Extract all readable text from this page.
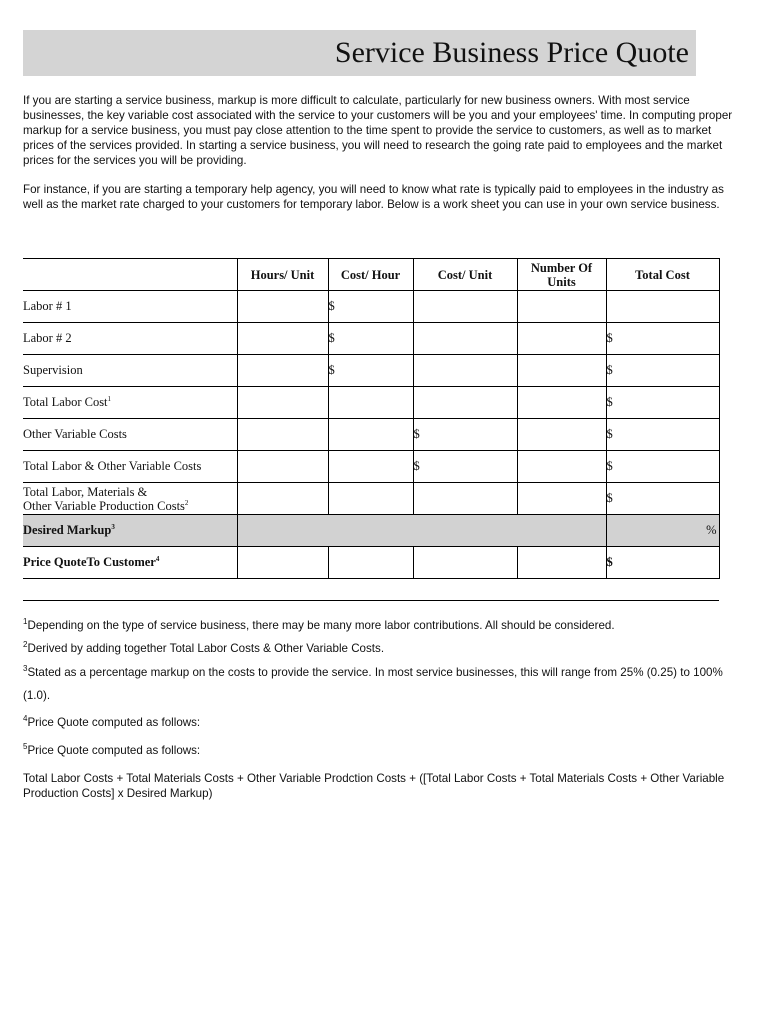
Service Business Price Quote

If you are starting a service business, markup is more difficult to calculate, particularly for new business owners. With most service businesses, the key variable cost associated with the service to your customers will be you and your employees' time. In computing proper markup for a service business, you must pay close attention to the time spent to provide the service to customers, as well as to market prices of the services provided. In starting a service business, you will need to research the going rate paid to employees and the market prices for the services you will be providing.

For instance, if you are starting a temporary help agency, you will need to know what rate is typically paid to employees in the industry as well as the market rate charged to your customers for temporary labor. Below is a work sheet you can use in your own service business.

	Hours/ Unit	Cost/ Hour	Cost/ Unit	Number Of Units	Total Cost
Labor # 1		$			
Labor # 2		$			$
Supervision		$			$
Total Labor Cost$^1$					$
Other Variable Costs			$		$
Total Labor & Other Variable Costs			$		$
Total Labor, Materials &
Other Variable Production Costs$^2$					$
Desired Markup$^3$					%
Price QuoteTo Customer$^4$					$

$^1$Depending on the type of service business, there may be many more labor contributions. All should be considered.

$^2$Derived by adding together Total Labor Costs & Other Variable Costs.

$^3$Stated as a percentage markup on the costs to provide the service. In most service businesses, this will range from 25% (0.25) to 100% (1.0).

$^4$Price Quote computed as follows:

$^5$Price Quote computed as follows:

Total Labor Costs + Total Materials Costs + Other Variable Prodction Costs + ([Total Labor Costs + Total Materials Costs + Other Variable Production Costs] x Desired Markup)
